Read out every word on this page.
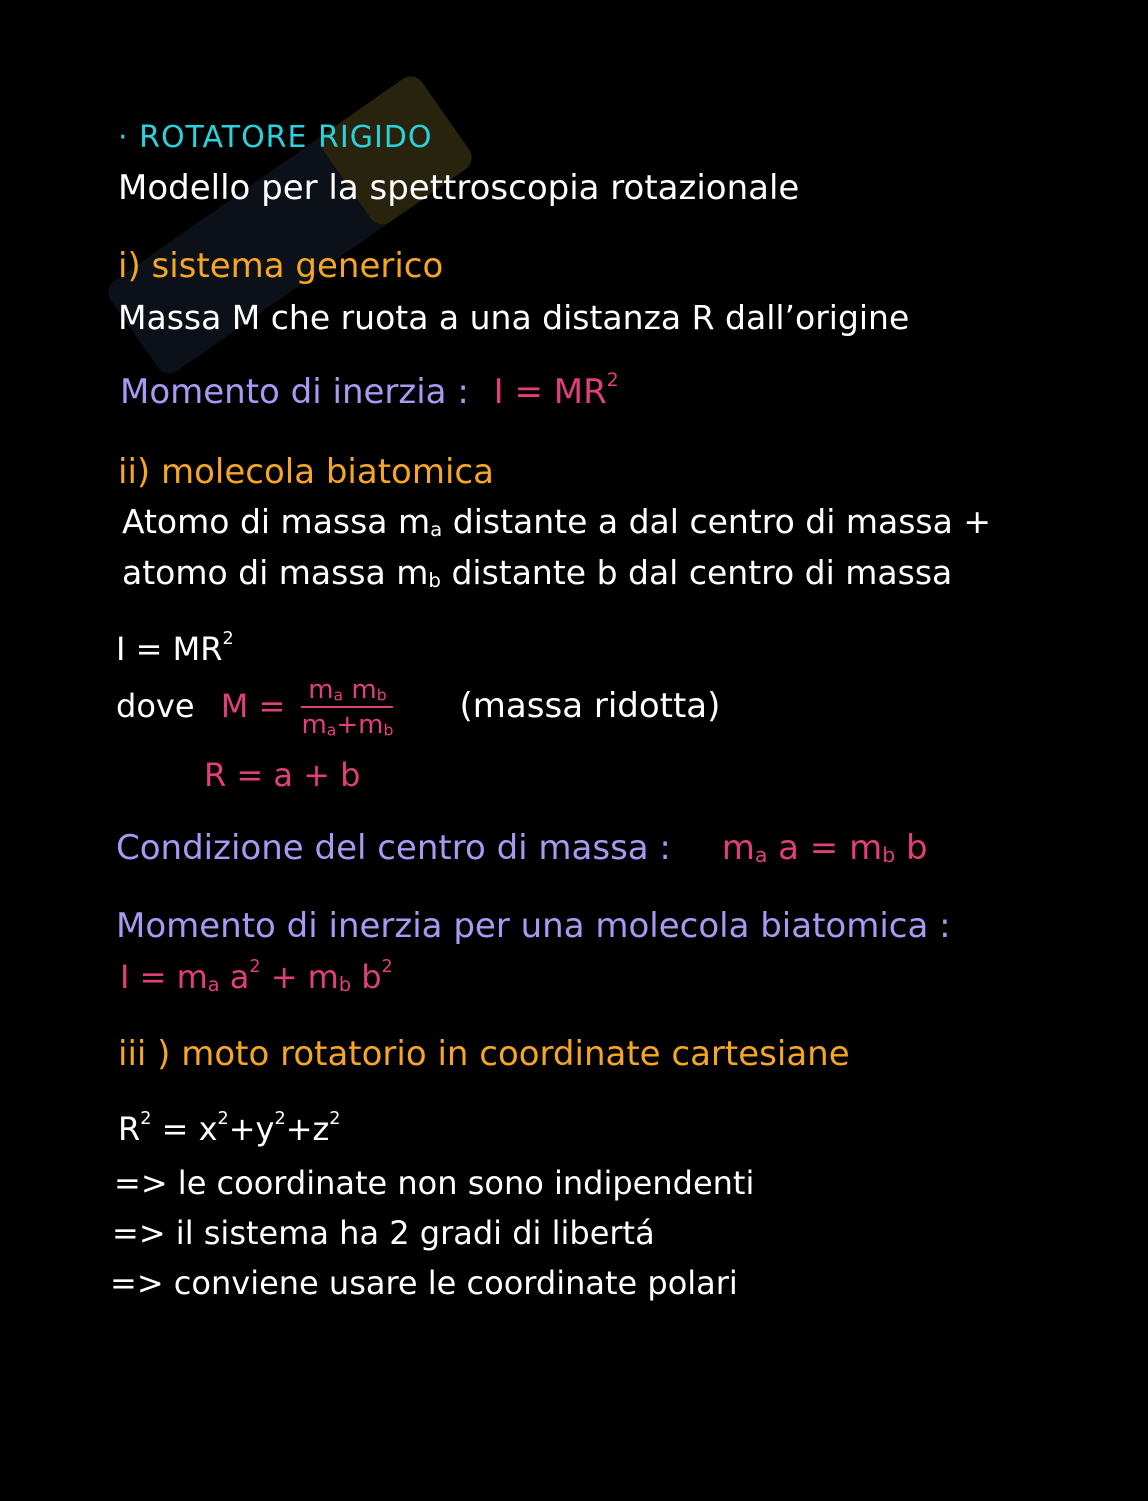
· ROTATORE RIGIDO
Modello per la spettroscopia rotazionale
i) sistema generico
Massa M che ruota a una distanza R dall’origine
Momento di inerzia : $I = MR^2$
ii) molecola biatomica
Atomo di massa $m_a$ distante a dal centro di massa +
atomo di massa $m_b$ distante b dal centro di massa
$I = MR^2$
dove $M = \frac{m_a m_b}{m_a+m_b}$ (massa ridotta)
R = a + b
Condizione del centro di massa : $m_a$ $a = m_b$ b
Momento di inerzia per una molecola biatomica :
$I = m_a$ $a^2 + m_b$ $b^2$
iii ) moto rotatorio in coordinate cartesiane
$R^2 = x^2+y^2+z^2$
=> le coordinate non sono indipendenti
=> il sistema ha 2 gradi di libertá
=> conviene usare le coordinate polari
